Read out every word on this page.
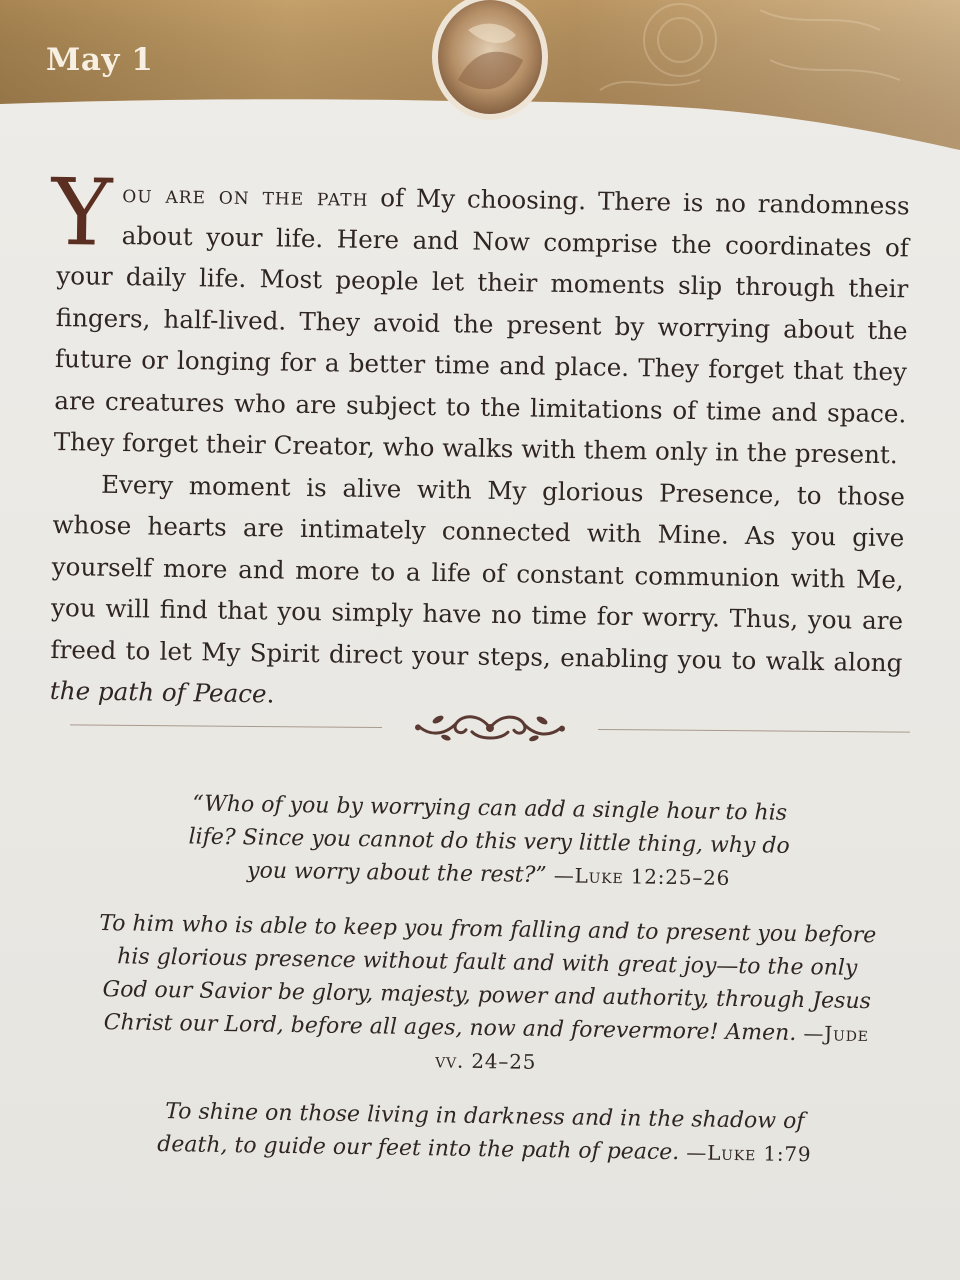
May 1

You are on the path of My choosing. There is no randomness about your life. Here and Now comprise the coordinates of your daily life. Most people let their moments slip through their fingers, half-lived. They avoid the present by worrying about the future or longing for a better time and place. They forget that they are creatures who are subject to the limitations of time and space. They forget their Creator, who walks with them only in the present.

Every moment is alive with My glorious Presence, to those whose hearts are intimately connected with Mine. As you give yourself more and more to a life of constant communion with Me, you will find that you simply have no time for worry. Thus, you are freed to let My Spirit direct your steps, enabling you to walk along the path of Peace.

“Who of you by worrying can add a single hour to his life? Since you cannot do this very little thing, why do you worry about the rest?” —Luke 12:25–26
To him who is able to keep you from falling and to present you before his glorious presence without fault and with great joy—to the only God our Savior be glory, majesty, power and authority, through Jesus Christ our Lord, before all ages, now and forevermore! Amen. —Jude vv. 24–25
To shine on those living in darkness and in the shadow of death, to guide our feet into the path of peace. —Luke 1:79
